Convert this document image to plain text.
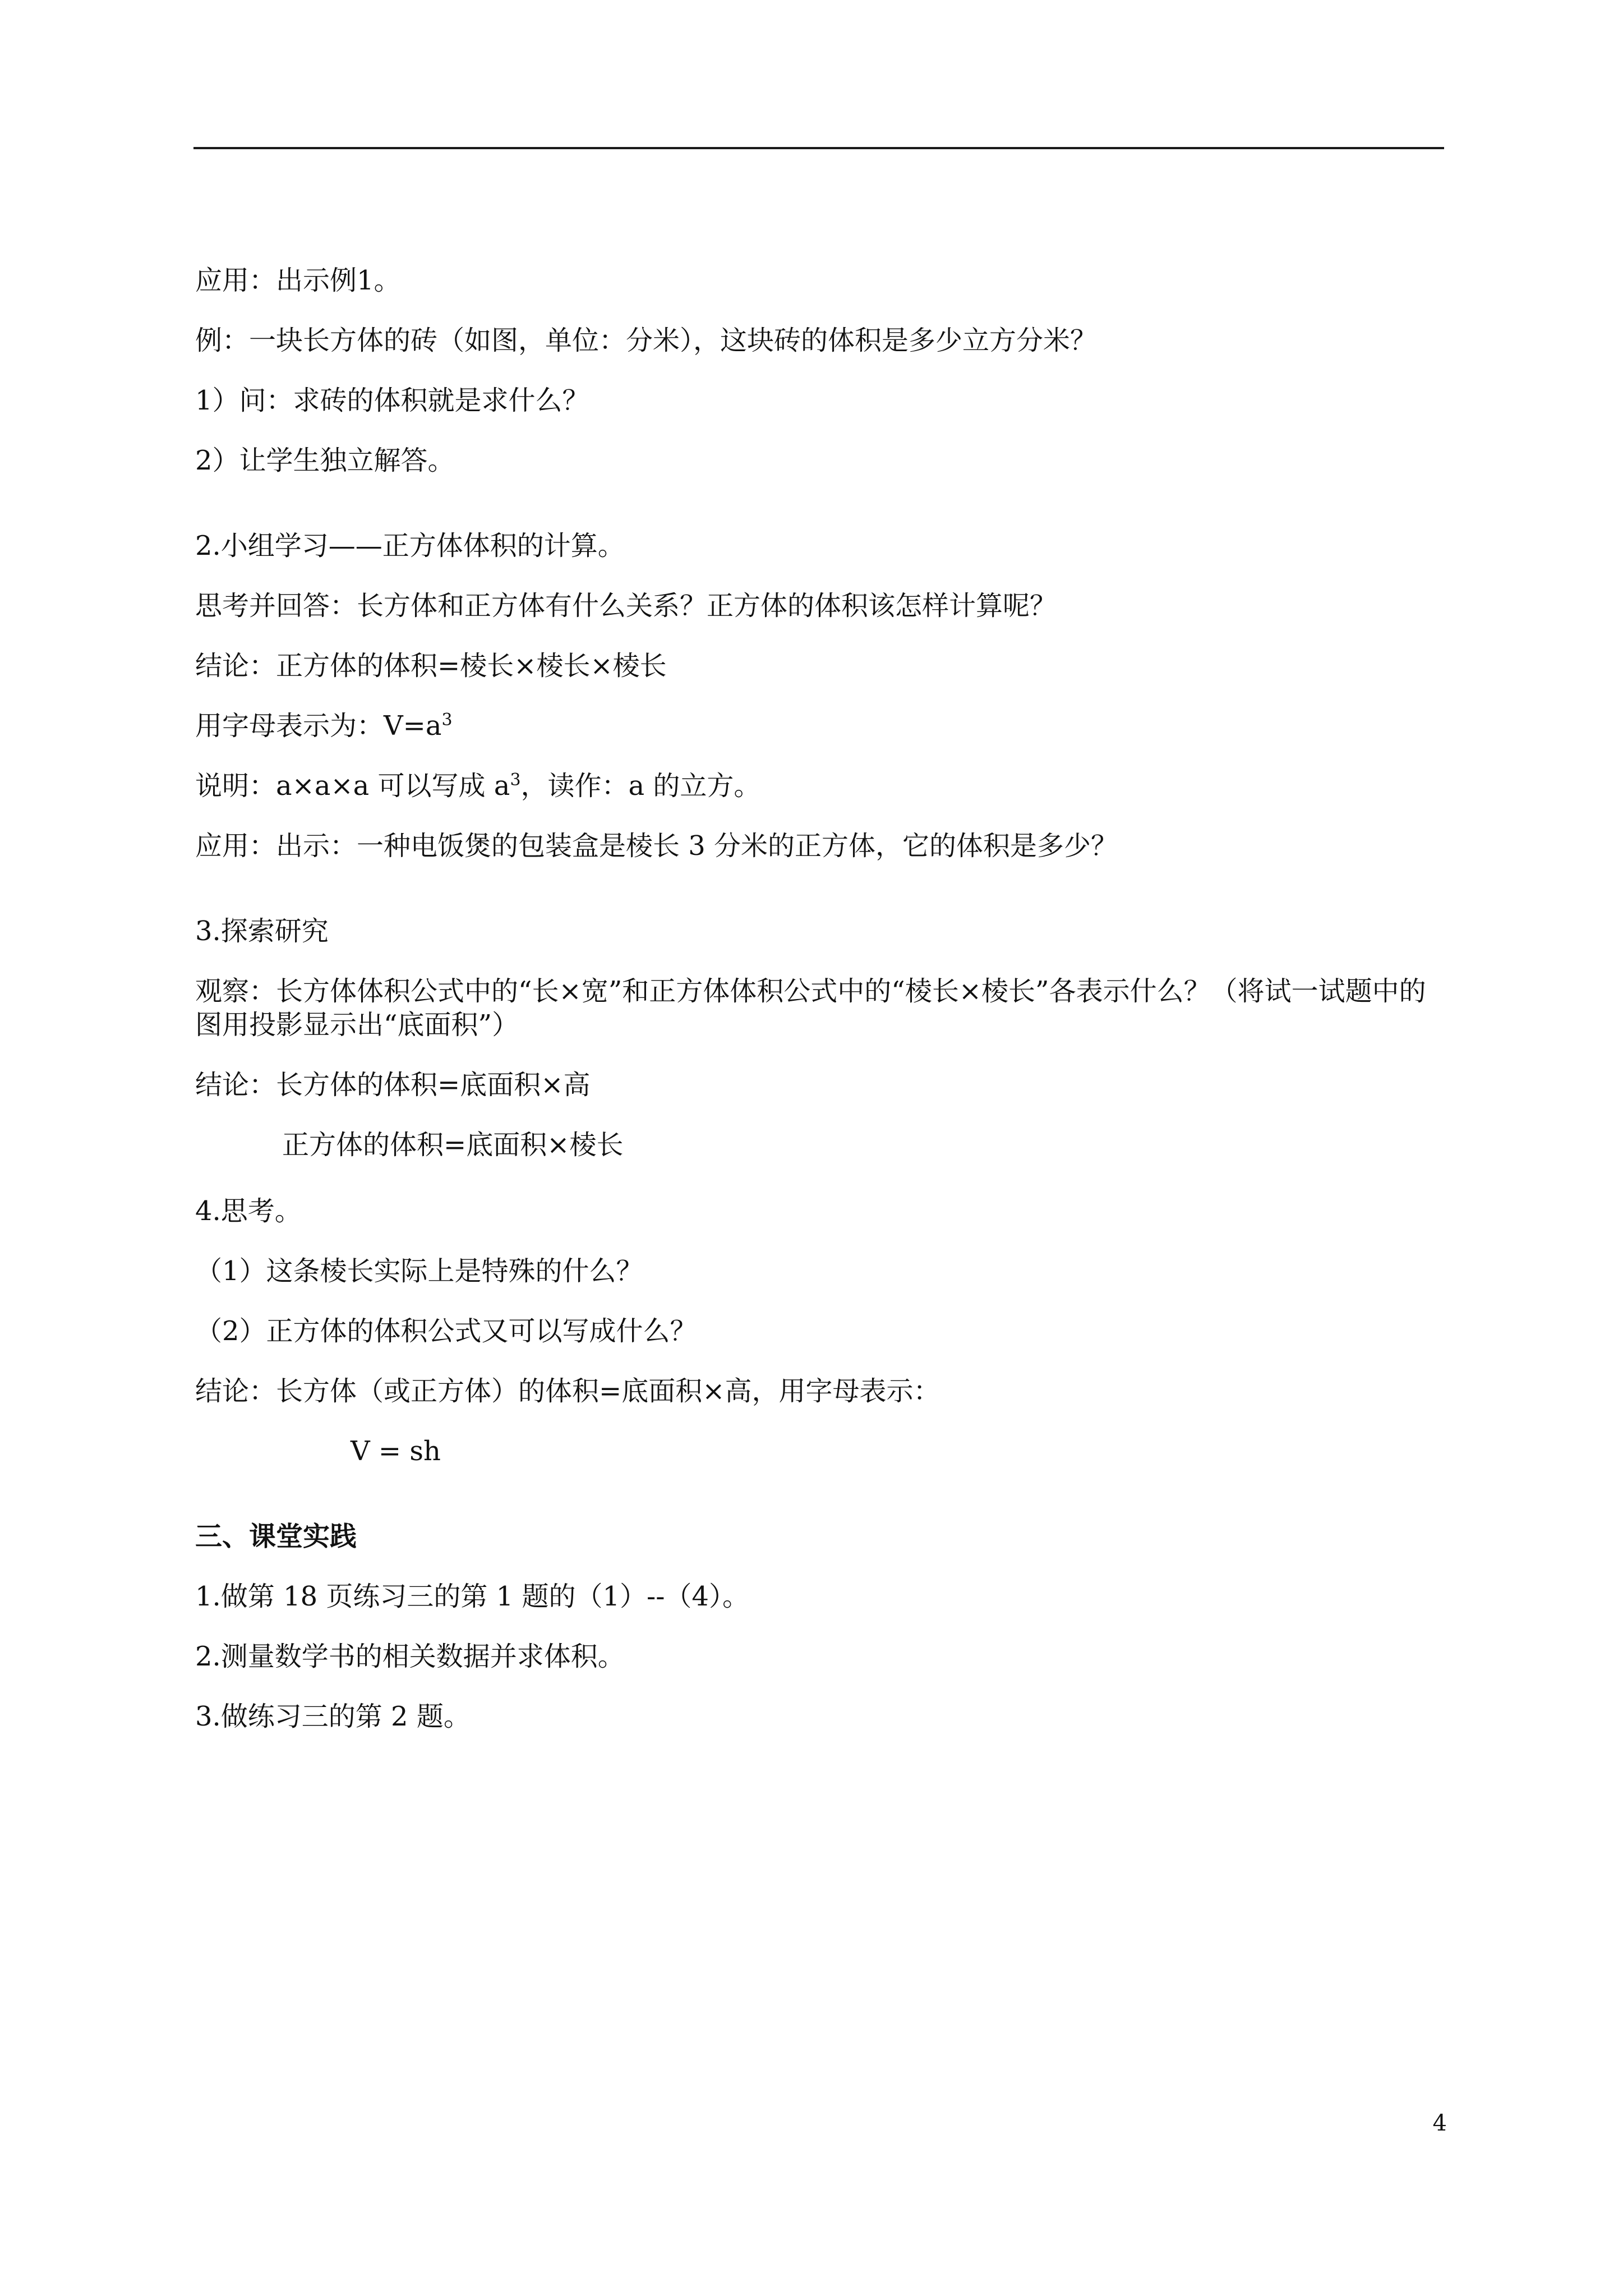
应用：出示例1。
例：一块长方体的砖（如图，单位：分米），这块砖的体积是多少立方分米？
1）问：求砖的体积就是求什么？
2）让学生独立解答。
2.小组学习——正方体体积的计算。
思考并回答：长方体和正方体有什么关系？正方体的体积该怎样计算呢？
结论：正方体的体积=棱长×棱长×棱长
用字母表示为：$V=a^3$
说明：a×a×a 可以写成 $a^3$，读作：a 的立方。
应用：出示：一种电饭煲的包装盒是棱长 3 分米的正方体，它的体积是多少？
3.探索研究
观察：长方体体积公式中的“长×宽”和正方体体积公式中的“棱长×棱长”各表示什么？（将试一试题中的图用投影显示出“底面积”）
结论：长方体的体积=底面积×高
正方体的体积=底面积×棱长
4.思考。
（1）这条棱长实际上是特殊的什么？
（2）正方体的体积公式又可以写成什么？
结论：长方体（或正方体）的体积=底面积×高，用字母表示：
V = sh
三、课堂实践
1.做第 18 页练习三的第 1 题的（1）--（4）。
2.测量数学书的相关数据并求体积。
3.做练习三的第 2 题。
4
